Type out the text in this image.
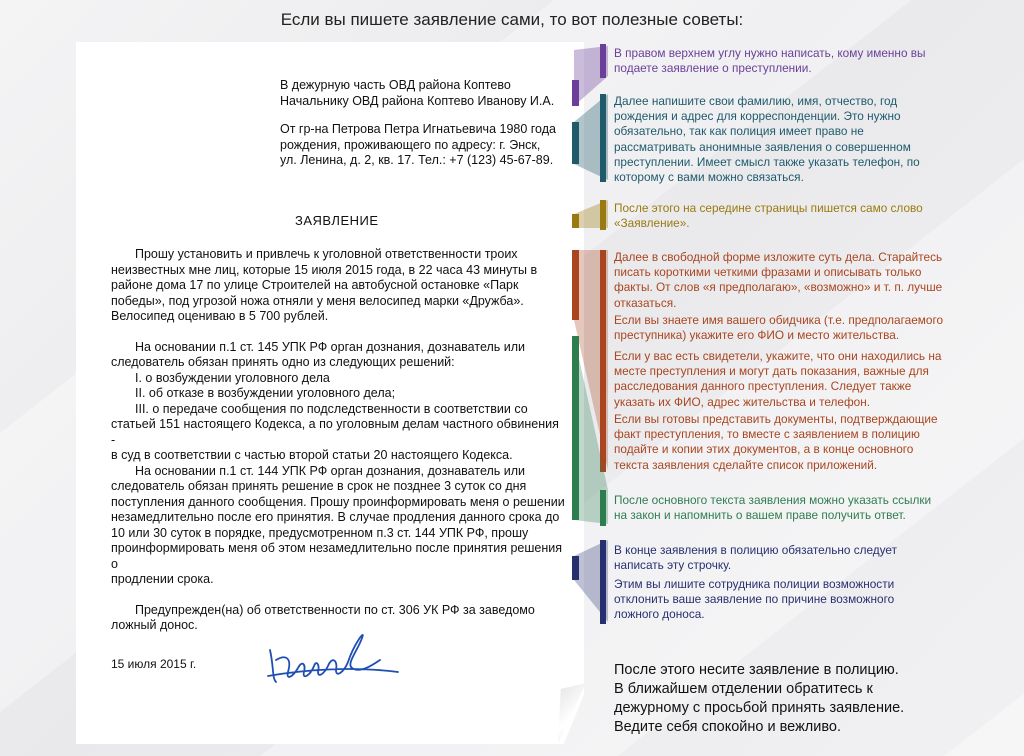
Если вы пишете заявление сами, то вот полезные советы:
В дежурную часть ОВД района Коптево
Начальнику ОВД района Коптево Иванову И.А.
От гр-на Петрова Петра Игнатьевича 1980 года
рождения, проживающего по адресу: г. Энск,
ул. Ленина, д. 2, кв. 17. Тел.: +7 (123) 45-67-89.
ЗАЯВЛЕНИЕ

Прошу установить и привлечь к уголовной ответственности троих

неизвестных мне лиц, которые 15 июля 2015 года, в 22 часа 43 минуты в

районе дома 17 по улице Строителей на автобусной остановке «Парк

победы», под угрозой ножа отняли у меня велосипед марки «Дружба».

Велосипед оцениваю в 5 700 рублей.

На основании п.1 ст. 145 УПК РФ орган дознания, дознаватель или

следователь обязан принять одно из следующих решений:

I. о возбуждении уголовного дела

II. об отказе в возбуждении уголовного дела;

III. о передаче сообщения по подследственности в соответствии со

статьей 151 настоящего Кодекса, а по уголовным делам частного обвинения -

в суд в соответствии с частью второй статьи 20 настоящего Кодекса.

На основании п.1 ст. 144 УПК РФ орган дознания, дознаватель или

следователь обязан принять решение в срок не позднее 3 суток со дня

поступления данного сообщения. Прошу проинформировать меня о решении

незамедлительно после его принятия. В случае продления данного срока до

10 или 30 суток в порядке, предусмотренном п.3 ст. 144 УПК РФ, прошу

проинформировать меня об этом незамедлительно после принятия решения о

продлении срока.

Предупрежден(на) об ответственности по ст. 306 УК РФ за заведомо

ложный донос.

15 июля 2015 г.
В правом верхнем углу нужно написать, кому именно вы
подаете заявление о преступлении.
Далее напишите свои фамилию, имя, отчество, год
рождения и адрес для корреспонденции. Это нужно
обязательно, так как полиция имеет право не
рассматривать анонимные заявления о совершенном
преступлении. Имеет смысл также указать телефон, по
которому с вами можно связаться.
После этого на середине страницы пишется само слово
«Заявление».
Далее в свободной форме изложите суть дела. Старайтесь
писать короткими четкими фразами и описывать только
факты. От слов «я предполагаю», «возможно» и т. п. лучше
отказаться.
Если вы знаете имя вашего обидчика (т.е. предполагаемого
преступника) укажите его ФИО и место жительства.
Если у вас есть свидетели, укажите, что они находились на
месте преступления и могут дать показания, важные для
расследования данного преступления. Следует также
указать их ФИО, адрес жительства и телефон.
Если вы готовы представить документы, подтверждающие
факт преступления, то вместе с заявлением в полицию
подайте и копии этих документов, а в конце основного
текста заявления сделайте список приложений.
После основного текста заявления можно указать ссылки
на закон и напомнить о вашем праве получить ответ.
В конце заявления в полицию обязательно следует
написать эту строчку.
Этим вы лишите сотрудника полиции возможности
отклонить ваше заявление по причине возможного
ложного доноса.
После этого несите заявление в полицию.
В ближайшем отделении обратитесь к
дежурному с просьбой принять заявление.
Ведите себя спокойно и вежливо.
